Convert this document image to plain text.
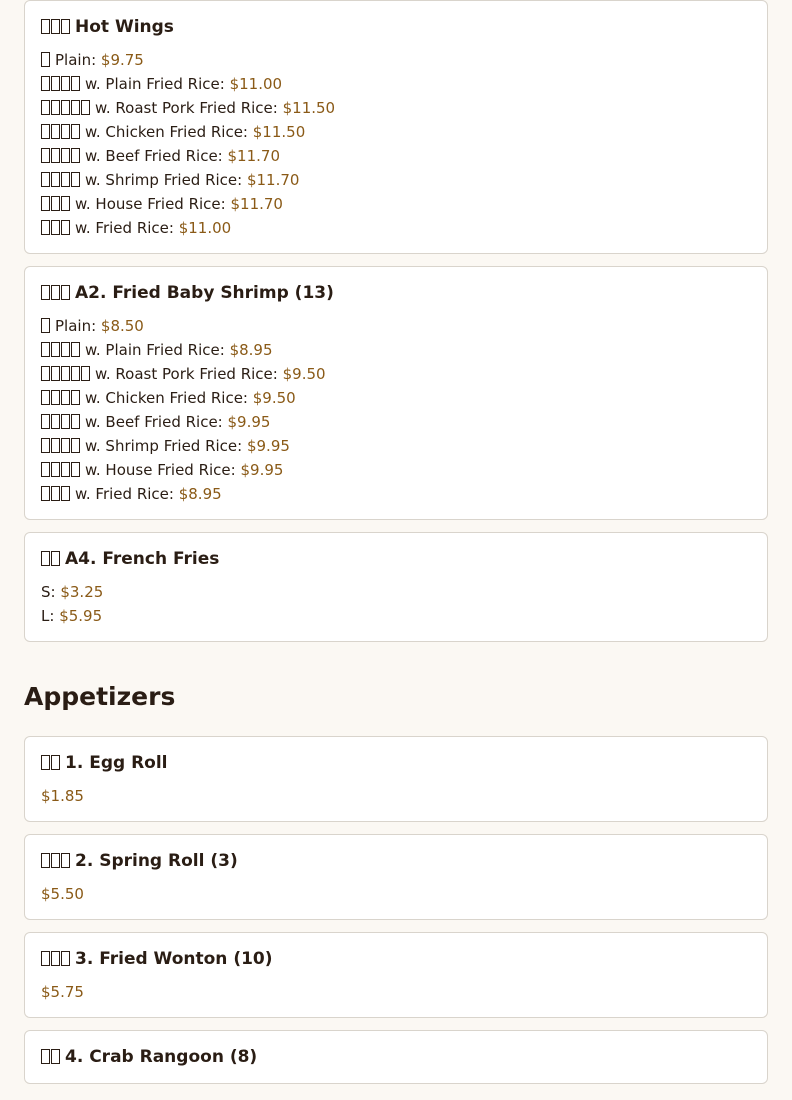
Hot Wings
Plain: $9.75
w. Plain Fried Rice: $11.00
w. Roast Pork Fried Rice: $11.50
w. Chicken Fried Rice: $11.50
w. Beef Fried Rice: $11.70
w. Shrimp Fried Rice: $11.70
w. House Fried Rice: $11.70
w. Fried Rice: $11.00
A2. Fried Baby Shrimp (13)
Plain: $8.50
w. Plain Fried Rice: $8.95
w. Roast Pork Fried Rice: $9.50
w. Chicken Fried Rice: $9.50
w. Beef Fried Rice: $9.95
w. Shrimp Fried Rice: $9.95
w. House Fried Rice: $9.95
w. Fried Rice: $8.95
A4. French Fries
S: $3.25
L: $5.95
Appetizers
1. Egg Roll
$1.85
2. Spring Roll (3)
$5.50
3. Fried Wonton (10)
$5.75
4. Crab Rangoon (8)
